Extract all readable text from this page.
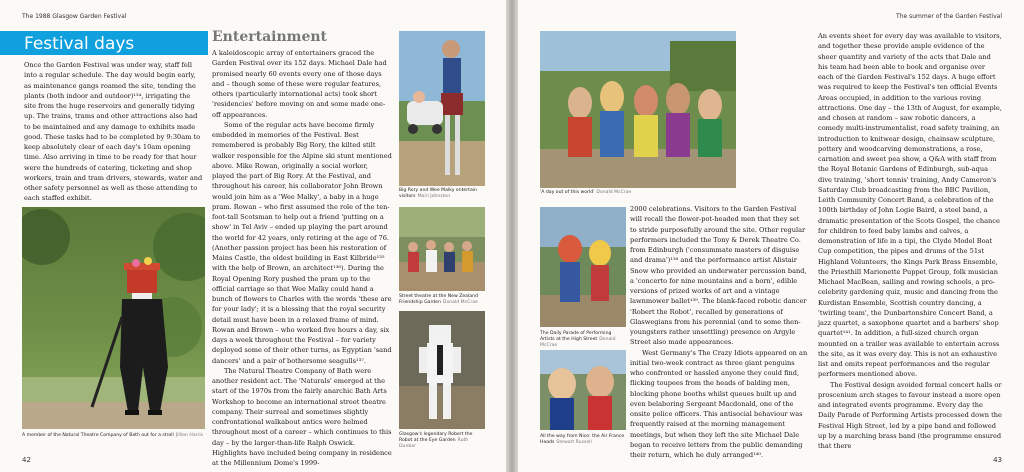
The 1988 Glasgow Garden Festival
Festival days

Once the Garden Festival was under way, staff fell into a regular schedule. The day would begin early, as maintenance gangs roamed the site, tending the plants (both indoor and outdoor)¹³⁴, irrigating the site from the huge reservoirs and generally tidying up. The trains, trams and other attractions also had to be maintained and any damage to exhibits made good. These tasks had to be completed by 9:30am to keep absolutely clear of each day's 10am opening time. Also arriving in time to be ready for that hour were the hundreds of catering, ticketing and shop workers, train and tram drivers, stewards, water and other safety personnel as well as those attending to each staffed exhibit.

A member of the Natural Theatre Company of Bath out for a stroll Jillian Harris
Entertainment

A kaleidoscopic array of entertainers graced the Garden Festival over its 152 days. Michael Dale had promised nearly 60 events every one of those days and – though some of these were regular features, others (particularly international acts) took short 'residencies' before moving on and some made one-off appearances.

Some of the regular acts have become firmly embedded in memories of the Festival. Best remembered is probably Big Rory, the kilted stilt walker responsible for the Alpine ski stunt mentioned above. Mike Rowan, originally a social worker, played the part of Big Rory. At the Festival, and throughout his career, his collaborator John Brown would join him as a 'Wee Malky', a baby in a huge pram. Rowan – who first assumed the role of the ten-foot-tall Scotsman to help out a friend 'putting on a show' in Tel Aviv – ended up playing the part around the world for 42 years, only retiring at the age of 76. (Another passion project has been his restoration of Mains Castle, the oldest building in East Kilbride¹³⁵ with the help of Brown, an architect¹³⁶). During the Royal Opening Rory pushed the pram up to the official carriage so that Wee Malky could hand a bunch of flowers to Charles with the words 'these are for your lady'; it is a blessing that the royal security detail must have been in a relaxed frame of mind. Rowan and Brown – who worked five hours a day, six days a week throughout the Festival – for variety deployed some of their other turns, as Egyptian 'sand dancers' and a pair of bothersome seagulls¹³⁷.

The Natural Theatre Company of Bath were another resident act. The 'Naturals' emerged at the start of the 1970s from the fairly anarchic Bath Arts Workshop to become an international street theatre company. Their surreal and sometimes slightly confrontational walkabout antics were helmed throughout most of a career – which continues to this day – by the larger-than-life Ralph Oswick. Highlights have included being company in residence at the Millennium Dome's 1999-

Big Rory and Wee Malky entertain visitors Mairi Johnston
Street theatre at the New Zealand Friendship Garden Donald McCrae
Glasgow's legendary Robert the Robot at the Eye Garden Ruth Dunbar
42
The summer of the Garden Festival
'A day out of this world' Donald McCrae
The Daily Parade of Performing Artists at the High Street Donald McCrae
All the way from Nice: the Air France Heads Stewart Russell

2000 celebrations. Visitors to the Garden Festival will recall the flower-pot-headed men that they set to stride purposefully around the site. Other regular performers included the Tony & Derek Theatre Co. from Edinburgh ('consummate masters of disguise and drama')¹³⁸ and the performance artist Alistair Snow who provided an underwater percussion band, a 'concerto for nine mountains and a horn', edible versions of prized works of art and a vintage lawnmower ballet¹³⁹. The blank-faced robotic dancer 'Robert the Robot', recalled by generations of Glaswegians from his perennial (and to some then-youngsters rather unsettling) presence on Argyle Street also made appearances.

West Germany's The Crazy Idiots appeared on an initial two-week contract as three giant penguins who confronted or hassled anyone they could find, flicking toupees from the heads of balding men, blocking phone booths whilst queues built up and even belaboring Sergeant Macdonald, one of the onsite police officers. This antisocial behaviour was frequently raised at the morning management meetings, but when they left the site Michael Dale began to receive letters from the public demanding their return, which he duly arranged¹⁴⁰.

An events sheet for every day was available to visitors, and together these provide ample evidence of the sheer quantity and variety of the acts that Dale and his team had been able to book and organise over each of the Garden Festival's 152 days. A huge effort was required to keep the Festival's ten official Events Areas occupied, in addition to the various roving attractions. One day – the 13th of August, for example, and chosen at random – saw robotic dancers, a comedy multi-instrumentalist, road safety training, an introduction to knitwear design, chainsaw sculpture, pottery and woodcarving demonstrations, a rose, carnation and sweet pea show, a Q&A with staff from the Royal Botanic Gardens of Edinburgh, sub-aqua dive training, 'short tennis' training, Andy Cameron's Saturday Club broadcasting from the BBC Pavilion, Leith Community Concert Band, a celebration of the 100th birthday of John Logie Baird, a steel band, a dramatic presentation of the Scots Gospel, the chance for children to feed baby lambs and calves, a demonstration of life in a tipi, the Clyde Model Boat Cup competition, the pipes and drums of the 51st Highland Volunteers, the Kings Park Brass Ensemble, the Priesthill Marionette Puppet Group, folk musician Michael MacBean, sailing and rowing schools, a pro-celebrity gardening quiz, music and dancing from the Kurdistan Ensemble, Scottish country dancing, a 'twirling team', the Dunbartonshire Concert Band, a jazz quartet, a saxophone quartet and a barbers' shop quartet¹⁴¹. In addition, a full-sized church organ mounted on a trailer was available to entertain across the site, as it was every day. This is not an exhaustive list and omits repeat performances and the regular performers mentioned above.

The Festival design avoided formal concert halls or proscenium arch stages to favour instead a more open and integrated events programme. Every day the Daily Parade of Performing Artists processed down the Festival High Street, led by a pipe band and followed up by a marching brass band (the programme ensured that there

43
